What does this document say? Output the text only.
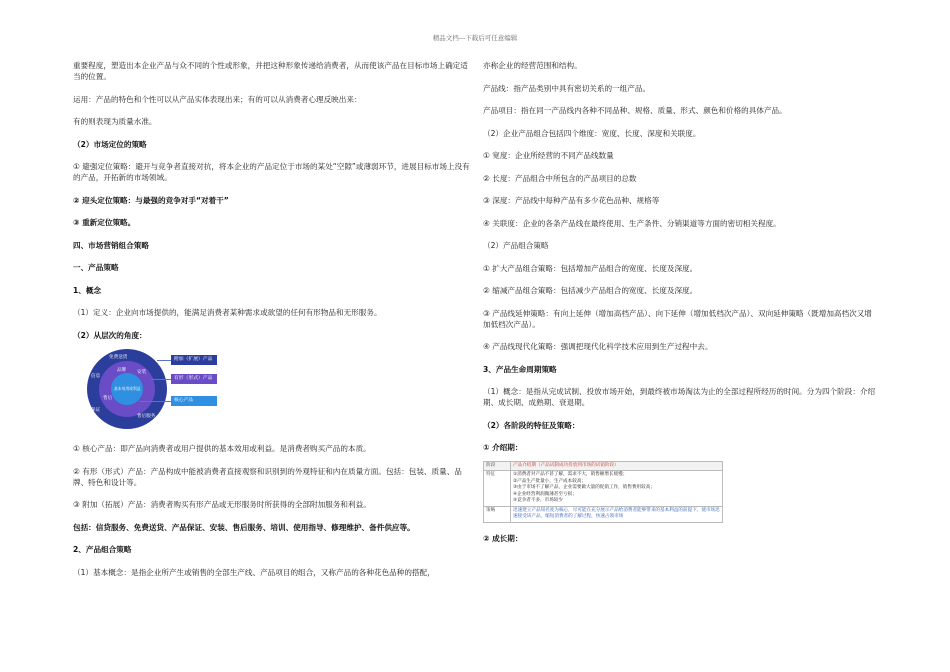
精品文档---下载后可任意编辑

重要程度，塑造出本企业产品与众不同的个性或形象，并把这种形象传递给消费者，从而使该产品在目标市场上确定适当的位置。

运用：产品的特色和个性可以从产品实体表现出来；有的可以从消费者心理反映出来：

有的则表现为质量水准。

（2）市场定位的策略

① 避强定位策略：避开与竞争者直接对抗，将本企业的产品定位于市场的某处“空隙”或薄弱环节，进展目标市场上没有的产品，开拓新的市场领域。

② 迎头定位策略：与最强的竞争对手“对着干”

③ 重新定位策略。

四、市场营销组合策略

一、产品策略

1、概念

（1）定义：企业向市场提供的，能满足消费者某种需求或欲望的任何有形物品和无形服务。

（2）从层次的角度：

免费送货
信息
保证
售后服务
安装
品牌
售后
基本效用或利益
附加（扩展）产品
有形（形式）产品
核心产品

① 核心产品：即产品向消费者或用户提供的基本效用或利益。是消费者购买产品的本质。

② 有形（形式）产品：产品构成中能被消费者直接观察和识别到的外观特征和内在质量方面。包括：包装、质量、品牌、特色和设计等。

③ 附加（拓展）产品：消费者购买有形产品或无形服务时所获得的全部附加服务和利益。

包括：信贷服务、免费送货、产品保证、安装、售后服务、培训、使用指导、修理维护、备件供应等。

2、产品组合策略

（1）基本概念：是指企业所产生或销售的全部生产线、产品项目的组合，又称产品的各种花色品种的搭配，

亦称企业的经营范围和结构。

产品线：指产品类别中具有密切关系的一组产品。

产品项目：指在同一产品线内各种不同品种、规格、质量、形式、颜色和价格的具体产品。

（2）企业产品组合包括四个维度：宽度、长度、深度和关联度。

① 宽度：企业所经营的不同产品线数量

② 长度：产品组合中所包含的产品项目的总数

③ 深度：产品线中每种产品有多少花色品种、规格等

④ 关联度：企业的各条产品线在最终使用、生产条件、分销渠道等方面的密切相关程度。

（2）产品组合策略

① 扩大产品组合策略：包括增加产品组合的宽度、长度及深度。

② 缩减产品组合策略：包括减少产品组合的宽度、长度及深度。

③ 产品线延伸策略：有向上延伸（增加高档产品）、向下延伸（增加低档次产品）、双向延伸策略（既增加高档次又增加低档次产品）。

④ 产品线现代化策略：强调把现代化科学技术应用到生产过程中去。

3、产品生命周期策略

（1）概念：是指从完成试制、投放市场开始，到最终被市场淘汰为止的全部过程所经历的时间。分为四个阶段：介绍期、成长期、成熟期、衰退期。

（2）各阶段的特征及策略：

① 介绍期：

阶段	产品介绍期（产品试制成功投放到市场的试销阶段）
特征	①消费者对产品不甚了解，需求不大，销售额增长缓慢；
②产品生产批量小，生产成本较高；
③由于市场不了解产品，企业需要做大量的促销工作，销售费用较高；
④企业经营利润微薄甚至亏损；
⑤竞争者不多，市场较少

策略	迅速建立产品知名度为核心，尽可能在充分展示产品给消费者能够带来的基本利益的前提下，使市场迅速接受该产品，缩短消费者的了解过程，快速占领市场

② 成长期：
